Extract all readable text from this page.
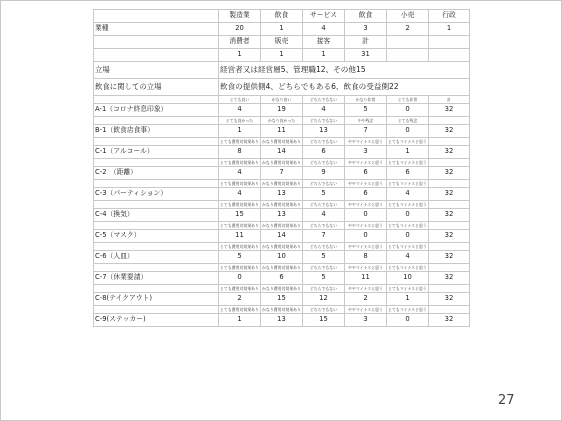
	製造業	飲食	サービス	飲食	小売	行政
業種	20	1	4	3	2	1
	消費者	販売	接客	計		
	1	1	1	31		
立場	経営者又は経営層5、管理職12、その他15					
飲食に関しての立場	飲食の提供側4、どちらでもある6、飲食の受益側22					
	とても良い	かなり良い	どちらでもない	かなり非常	とても非常	計
A-1（コロナ終息印象）	4	19	4	5	0	32
	とても良かった	かなり良かった	どちらでもない	やや残念	とても残念	
B-1（飲食店食事）	1	11	13	7	0	32
	とても費用対効果あり	かなり費用対効果あり	どちらでもない	ややマイナスと思う	とてもマイナスと思う	
C-1（アルコール）	8	14	6	3	1	32
	とても費用対効果あり	かなり費用対効果あり	どちらでもない	ややマイナスと思う	とてもマイナスと思う	
C-2　（距離）	4	7	9	6	6	32
	とても費用対効果あり	かなり費用対効果あり	どちらでもない	ややマイナスと思う	とてもマイナスと思う	
C-3（パーティション）	4	13	5	6	4	32
	とても費用対効果あり	かなり費用対効果あり	どちらでもない	ややマイナスと思う	とてもマイナスと思う	
C-4（換気）	15	13	4	0	0	32
	とても費用対効果あり	かなり費用対効果あり	どちらでもない	ややマイナスと思う	とてもマイナスと思う	
C-5（マスク）	11	14	7	0	0	32
	とても費用対効果あり	かなり費用対効果あり	どちらでもない	ややマイナスと思う	とてもマイナスと思う	
C-6（人皿）	5	10	5	8	4	32
	とても費用対効果あり	かなり費用対効果あり	どちらでもない	ややマイナスと思う	とてもマイナスと思う	
C-7（休業要請）	0	6	5	11	10	32
	とても費用対効果あり	かなり費用対効果あり	どちらでもない	ややマイナスと思う	とてもマイナスと思う	
C-8(テイクアウト)	2	15	12	2	1	32
	とても費用対効果あり	かなり費用対効果あり	どちらでもない	ややマイナスと思う	とてもマイナスと思う	
C-9(ステッカー)	1	13	15	3	0	32
27
